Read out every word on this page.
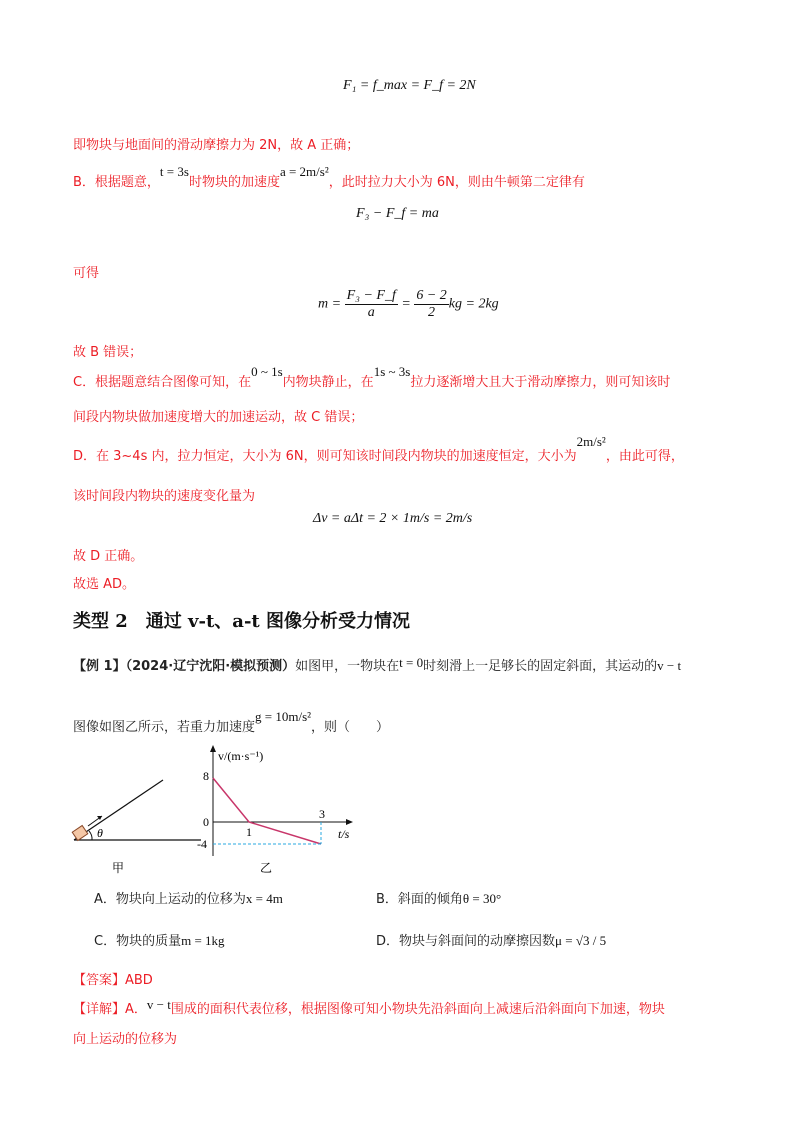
F₁ = f_max = F_f = 2N
即物块与地面间的滑动摩擦力为 2N，故 A 正确；
B．根据题意，t = 3s时物块的加速度a = 2m/s²，此时拉力大小为 6N，则由牛顿第二定律有
F₃ − F_f = ma
可得
$m = \frac{\text{F₃ − F\_f}}{a} = \frac{6 - 2}{2}$ kg = 2kg
故 B 错误；
C．根据题意结合图像可知，在0 ~ 1s内物块静止，在1s ~ 3s拉力逐渐增大且大于滑动摩擦力，则可知该时
间段内物块做加速度增大的加速运动，故 C 错误；
D．在 3~4s 内，拉力恒定，大小为 6N，则可知该时间段内物块的加速度恒定，大小为2m/s²，由此可得，
该时间段内物块的速度变化量为
Δv = aΔt = 2 × 1m/s = 2m/s
故 D 正确。
故选 AD。
类型 2　通过 v-t、a-t 图像分析受力情况
【例 1】（2024·辽宁沈阳·模拟预测）如图甲，一物块在t = 0时刻滑上一足够长的固定斜面，其运动的v − t
图像如图乙所示，若重力加速度g = 10m/s²，则（　　）
θ
甲
v/(m·s⁻¹)
t/s
8
0
-4
1
3
乙
A．物块向上运动的位移为x = 4m	B．斜面的倾角θ = 30°
C．物块的质量m = 1kg	D．物块与斜面间的动摩擦因数μ = √3 / 5
【答案】ABD
【详解】A．v − t围成的面积代表位移，根据图像可知小物块先沿斜面向上减速后沿斜面向下加速，物块
向上运动的位移为
